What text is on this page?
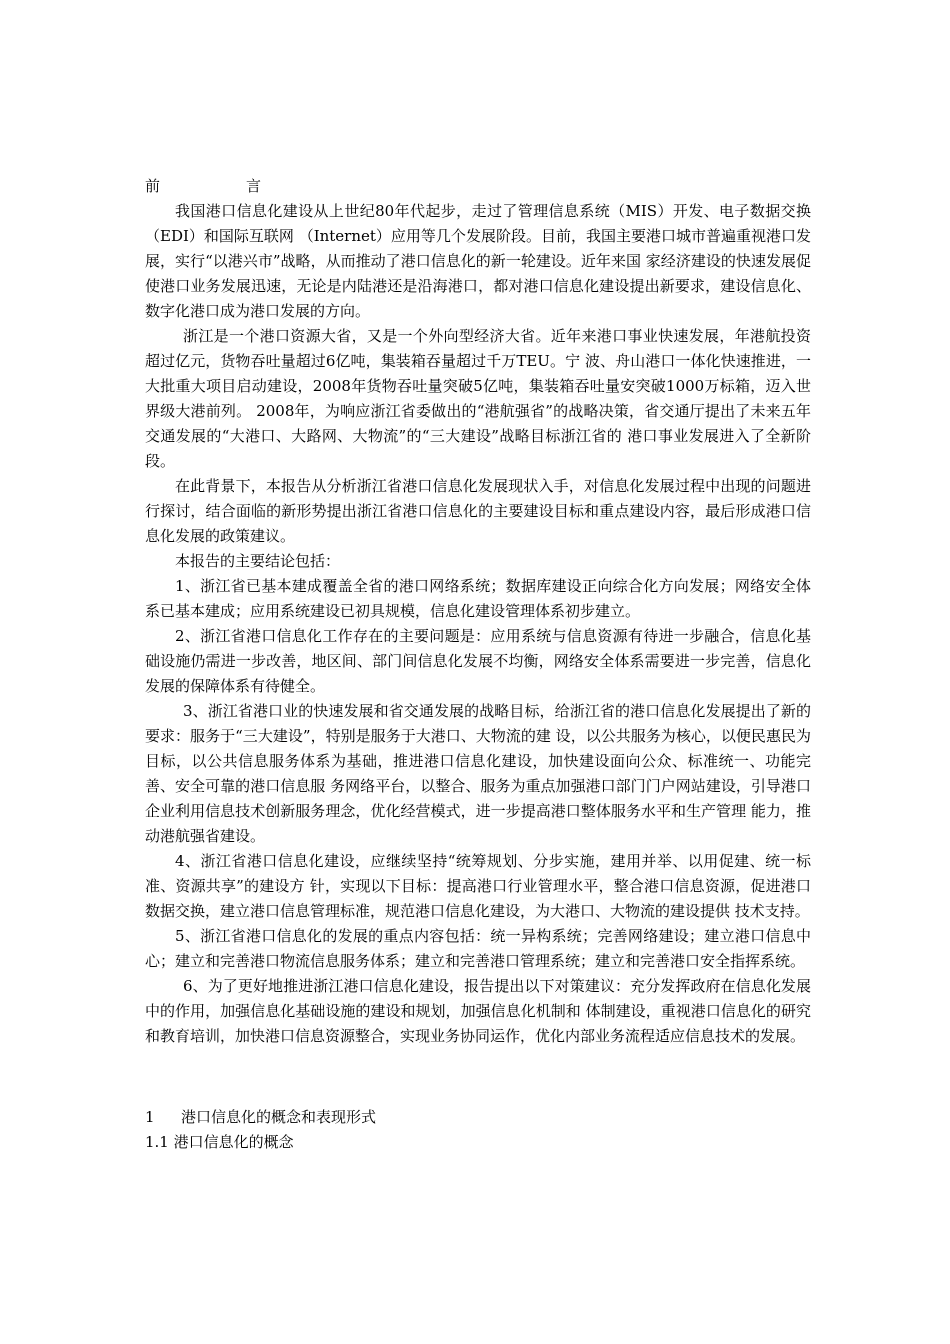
前	言

我国港口信息化建设从上世纪80年代起步，走过了管理信息系统（MIS）开发、电子数据交换（EDI）和国际互联网 （Internet）应用等几个发展阶段。目前，我国主要港口城市普遍重视港口发展，实行“以港兴市”战略，从而推动了港口信息化的新一轮建设。近年来国 家经济建设的快速发展促使港口业务发展迅速，无论是内陆港还是沿海港口，都对港口信息化建设提出新要求，建设信息化、数字化港口成为港口发展的方向。

浙江是一个港口资源大省，又是一个外向型经济大省。近年来港口事业快速发展，年港航投资超过亿元，货物吞吐量超过6亿吨，集装箱吞量超过千万TEU。宁 波、舟山港口一体化快速推进，一大批重大项目启动建设，2008年货物吞吐量突破5亿吨，集装箱吞吐量安突破1000万标箱，迈入世界级大港前列。 2008年，为响应浙江省委做出的“港航强省”的战略决策，省交通厅提出了未来五年交通发展的“大港口、大路网、大物流”的“三大建设”战略目标浙江省的 港口事业发展进入了全新阶段。

在此背景下，本报告从分析浙江省港口信息化发展现状入手，对信息化发展过程中出现的问题进行探讨，结合面临的新形势提出浙江省港口信息化的主要建设目标和重点建设内容，最后形成港口信息化发展的政策建议。

本报告的主要结论包括：

1、浙江省已基本建成覆盖全省的港口网络系统；数据库建设正向综合化方向发展；网络安全体系已基本建成；应用系统建设已初具规模，信息化建设管理体系初步建立。

2、浙江省港口信息化工作存在的主要问题是：应用系统与信息资源有待进一步融合，信息化基础设施仍需进一步改善，地区间、部门间信息化发展不均衡，网络安全体系需要进一步完善，信息化发展的保障体系有待健全。

3、浙江省港口业的快速发展和省交通发展的战略目标，给浙江省的港口信息化发展提出了新的要求：服务于“三大建设”，特别是服务于大港口、大物流的建 设，以公共服务为核心，以便民惠民为目标，以公共信息服务体系为基础，推进港口信息化建设，加快建设面向公众、标准统一、功能完善、安全可靠的港口信息服 务网络平台，以整合、服务为重点加强港口部门门户网站建设，引导港口企业利用信息技术创新服务理念，优化经营模式，进一步提高港口整体服务水平和生产管理 能力，推动港航强省建设。

4、浙江省港口信息化建设，应继续坚持“统筹规划、分步实施，建用并举、以用促建、统一标准、资源共享”的建设方 针，实现以下目标：提高港口行业管理水平，整合港口信息资源，促进港口数据交换，建立港口信息管理标准，规范港口信息化建设，为大港口、大物流的建设提供 技术支持。

5、浙江省港口信息化的发展的重点内容包括：统一异构系统；完善网络建设；建立港口信息中心；建立和完善港口物流信息服务体系；建立和完善港口管理系统；建立和完善港口安全指挥系统。

6、为了更好地推进浙江港口信息化建设，报告提出以下对策建议：充分发挥政府在信息化发展中的作用，加强信息化基础设施的建设和规划，加强信息化机制和 体制建设，重视港口信息化的研究和教育培训，加快港口信息资源整合，实现业务协同运作，优化内部业务流程适应信息技术的发展。

1 港口信息化的概念和表现形式
1.1 港口信息化的概念
